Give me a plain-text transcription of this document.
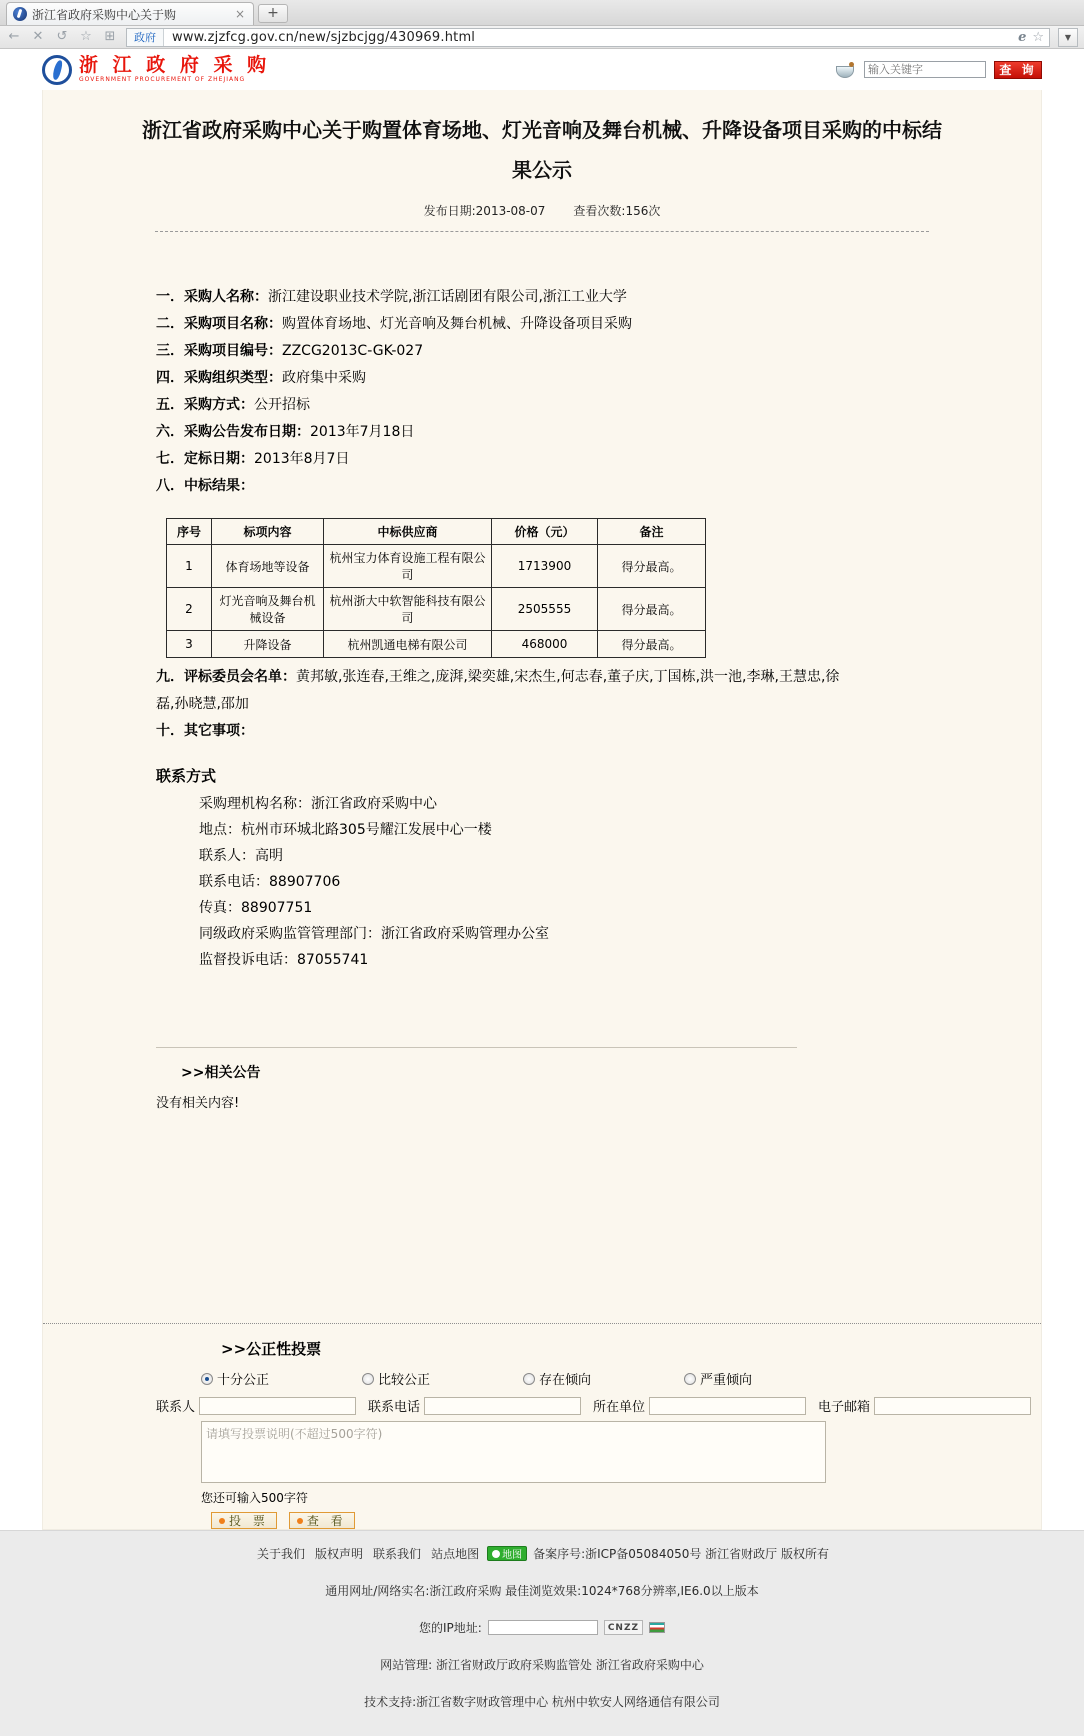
浙江省政府采购中心关于购	×	+
← ✕ ↺ ☆ ⊞	政府	www.zjzfcg.gov.cn/new/sjzbcjgg/430969.html	e ☆	▼
浙 江 政 府 采 购
GOVERNMENT PROCUREMENT OF ZHEJIANG
输入关键字
查 询
浙江省政府采购中心关于购置体育场地、灯光音响及舞台机械、升降设备项目采购的中标结果公示
发布日期:2013-08-07 查看次数:156次
一．采购人名称：浙江建设职业技术学院,浙江话剧团有限公司,浙江工业大学
二．采购项目名称：购置体育场地、灯光音响及舞台机械、升降设备项目采购
三．采购项目编号：ZZCG2013C-GK-027
四．采购组织类型：政府集中采购
五．采购方式：公开招标
六．采购公告发布日期：2013年7月18日
七．定标日期：2013年8月7日
八．中标结果：
序号	标项内容	中标供应商	价格（元）	备注
1	体育场地等设备	杭州宝力体育设施工程有限公司	1713900	得分最高。
2	灯光音响及舞台机械设备	杭州浙大中软智能科技有限公司	2505555	得分最高。
3	升降设备	杭州凯通电梯有限公司	468000	得分最高。
九．评标委员会名单：黄邦敏,张连春,王维之,庞湃,梁奕雄,宋杰生,何志春,董子庆,丁国栋,洪一池,李琳,王慧忠,徐磊,孙晓慧,邵加
十．其它事项：
联系方式
采购理机构名称：浙江省政府采购中心
地点：杭州市环城北路305号耀江发展中心一楼
联系人：高明
联系电话：88907706
传真：88907751
同级政府采购监管管理部门：浙江省政府采购管理办公室
监督投诉电话：87055741
>>相关公告
没有相关内容!
>>公正性投票
十分公正	比较公正	存在倾向	严重倾向
联系人	联系电话	所在单位	电子邮箱
请填写投票说明(不超过500字符)
您还可输入500字符
投 票	查 看
关于我们 版权声明 联系我们 站点地图 地图 备案序号:浙ICP备05084050号 浙江省财政厅 版权所有
通用网址/网络实名:浙江政府采购 最佳浏览效果:1024*768分辨率,IE6.0以上版本
您的IP地址:	CNZZ
网站管理: 浙江省财政厅政府采购监管处 浙江省政府采购中心
技术支持:浙江省数字财政管理中心 杭州中软安人网络通信有限公司
